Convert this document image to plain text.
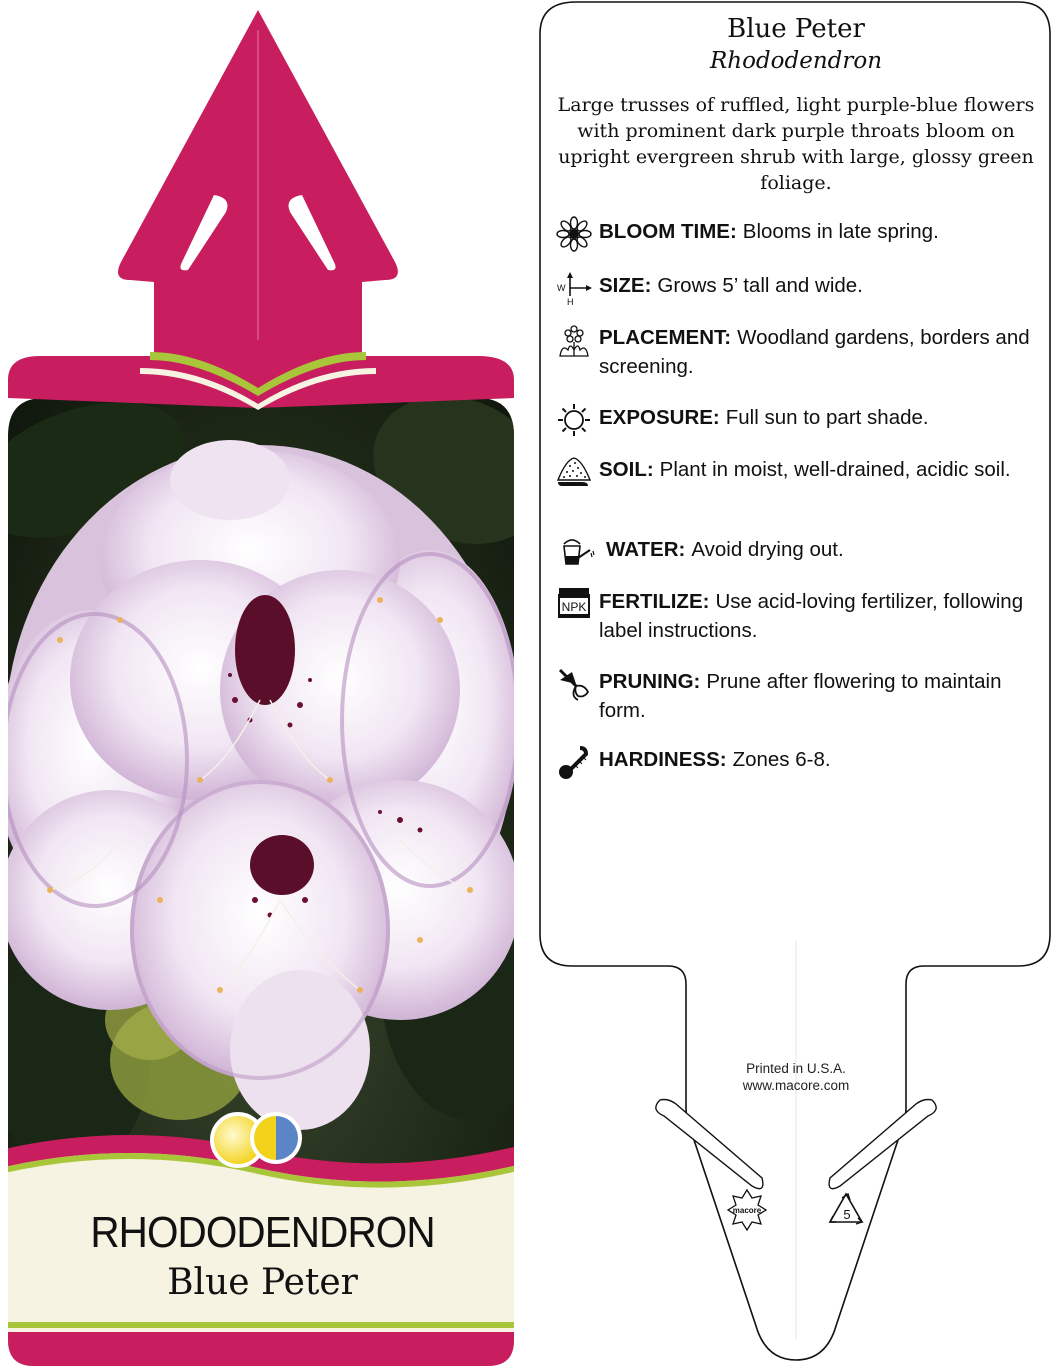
RHODODENDRON
Blue Peter
macore	5
Blue Peter
Rhododendron
Large trusses of ruffled, light purple-blue flowers with prominent dark purple throats bloom on upright evergreen shrub with large, glossy green foliage.
BLOOM TIME: Blooms in late spring.
W
H
SIZE: Grows 5’ tall and wide.
PLACEMENT: Woodland gardens, borders and screening.
EXPOSURE: Full sun to part shade.
SOIL: Plant in moist, well-drained, acidic soil.
WATER: Avoid drying out.
NPK FERTILIZE: Use acid-loving fertilizer, following label instructions.
PRUNING: Prune after flowering to maintain form.
HARDINESS: Zones 6-8.
Printed in U.S.A.
www.macore.com
